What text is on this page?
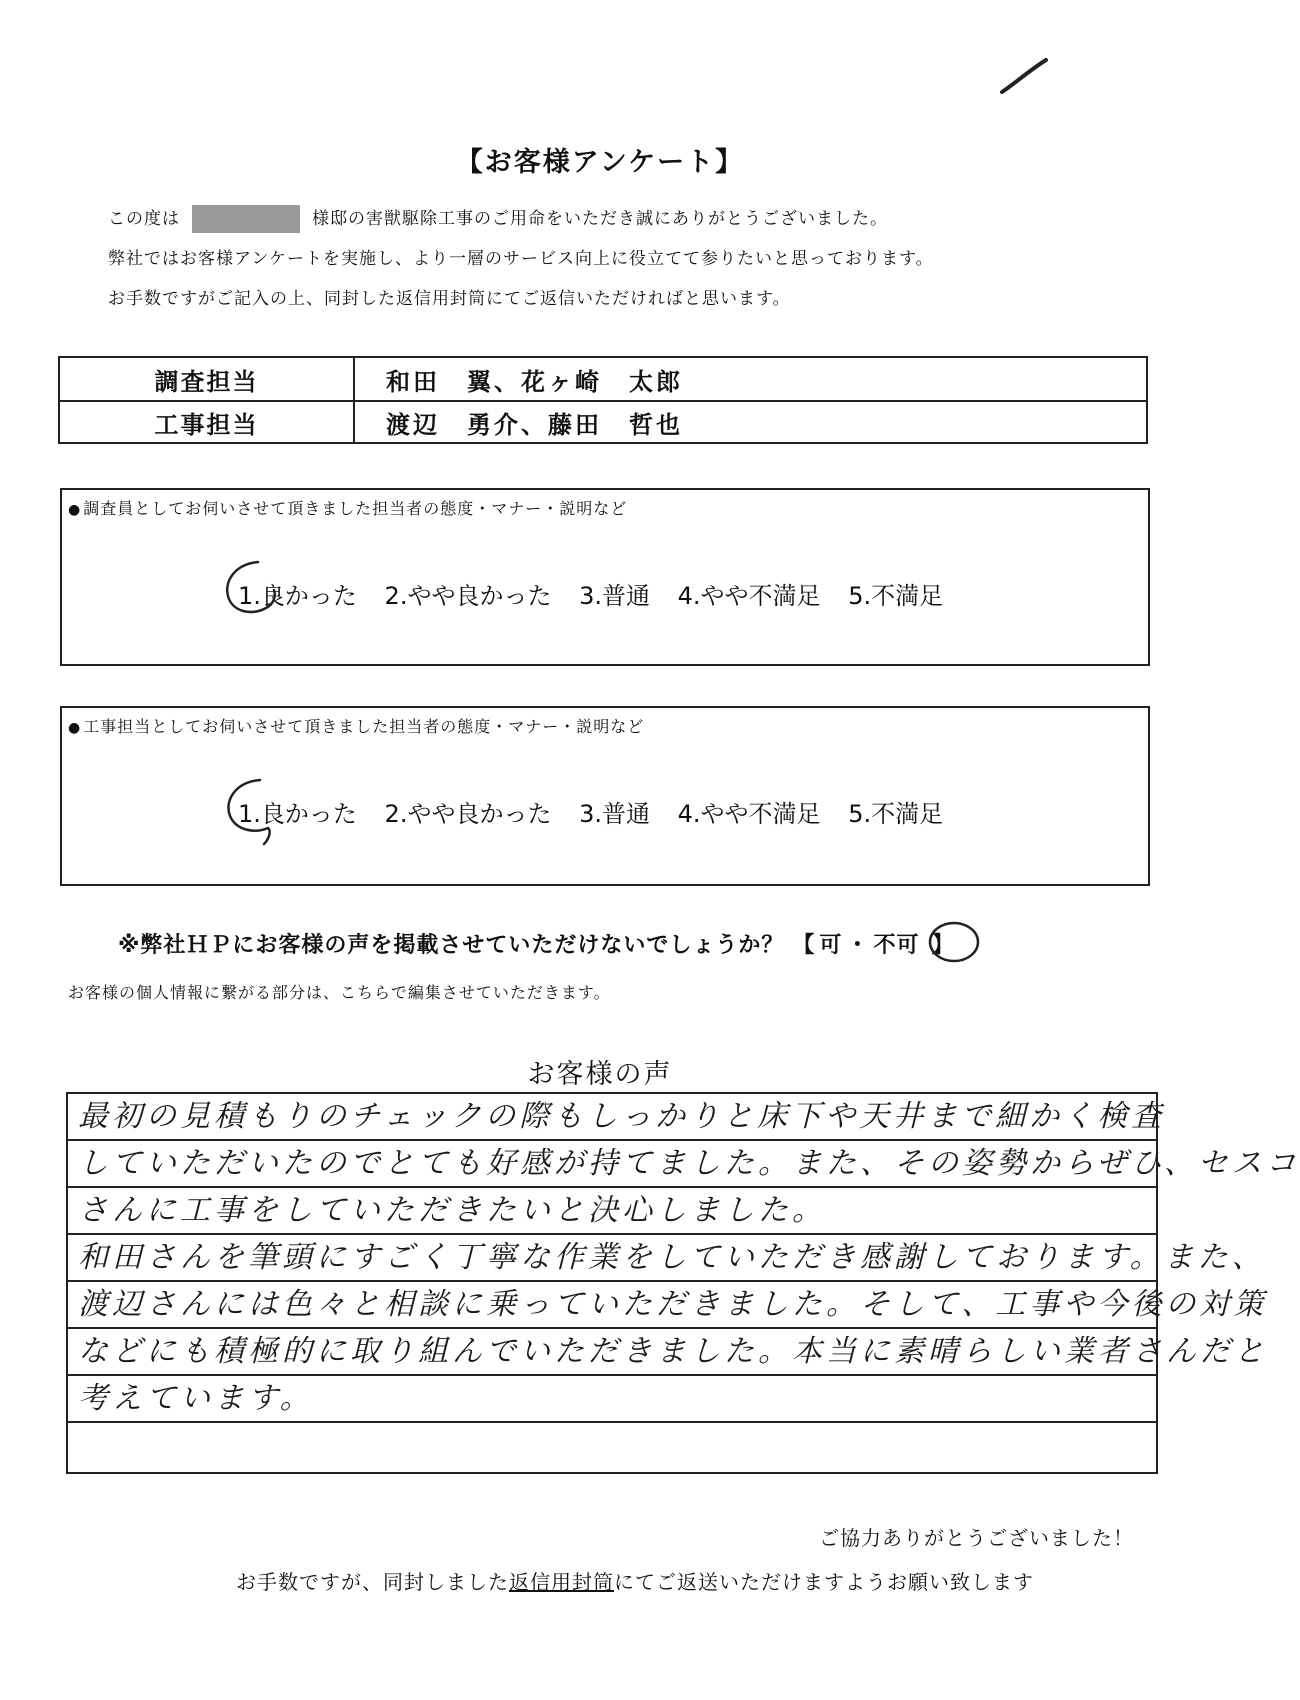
【お客様アンケート】
この度は	様邸の害獣駆除工事のご用命をいただき誠にありがとうございました。
弊社ではお客様アンケートを実施し、より一層のサービス向上に役立てて参りたいと思っております。
お手数ですがご記入の上、同封した返信用封筒にてご返信いただければと思います。
調査担当	和田　翼、花ヶ崎　太郎
工事担当	渡辺　勇介、藤田　哲也
● 調査員としてお伺いさせて頂きました担当者の態度・マナー・説明など
1.良かった 2.やや良かった 3.普通 4.やや不満足 5.不満足
● 工事担当としてお伺いさせて頂きました担当者の態度・マナー・説明など
1.良かった 2.やや良かった 3.普通 4.やや不満足 5.不満足
※弊社ＨＰにお客様の声を掲載させていただけないでしょうか？ 【 可 ・ 不可 】
お客様の個人情報に繋がる部分は、こちらで編集させていただきます。
お客様の声
最初の見積もりのチェックの際もしっかりと床下や天井まで細かく検査
していただいたのでとても好感が持てました。また、その姿勢からぜひ、セスコ
さんに工事をしていただきたいと決心しました。
和田さんを筆頭にすごく丁寧な作業をしていただき感謝しております。また、
渡辺さんには色々と相談に乗っていただきました。そして、工事や今後の対策
などにも積極的に取り組んでいただきました。本当に素晴らしい業者さんだと
考えています。
ご協力ありがとうございました！
お手数ですが、同封しました返信用封筒にてご返送いただけますようお願い致します
